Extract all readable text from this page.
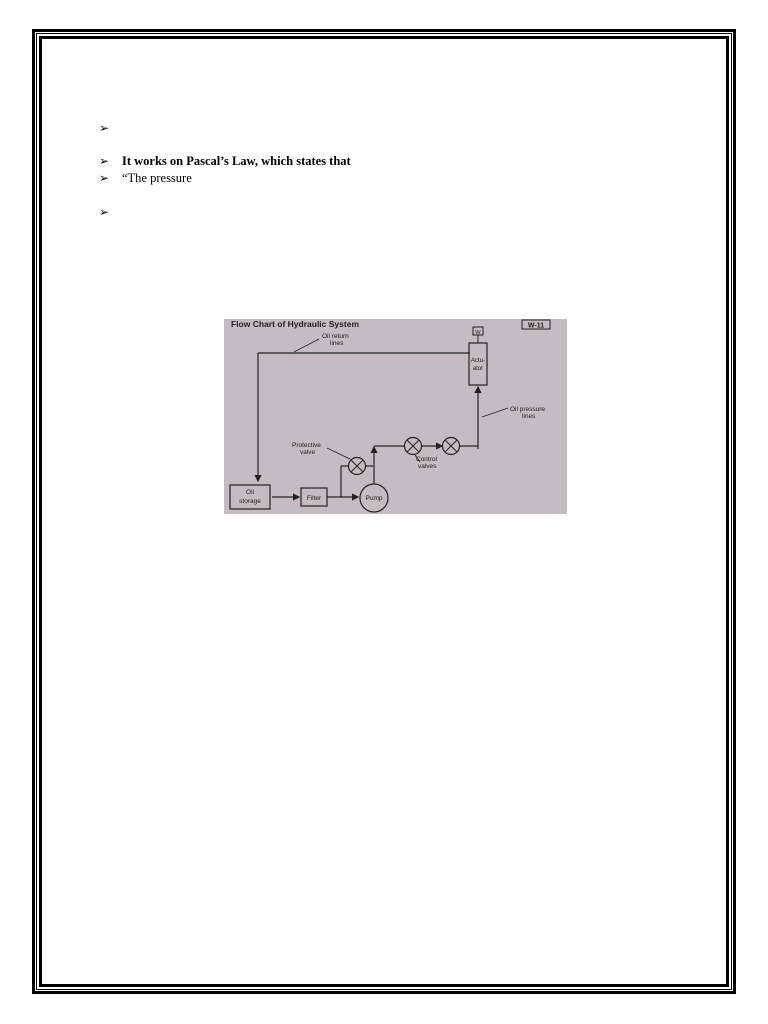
➢
➢ It works on Pascal’s Law, which states that
➢ “The pressure
➢
Flow Chart of Hydraulic System	W-11
Oil return
lines
W
Actu-
ator
Oil pressure
lines
Control
valves
Protective
valve
Oil
storage	Filter	Pump
